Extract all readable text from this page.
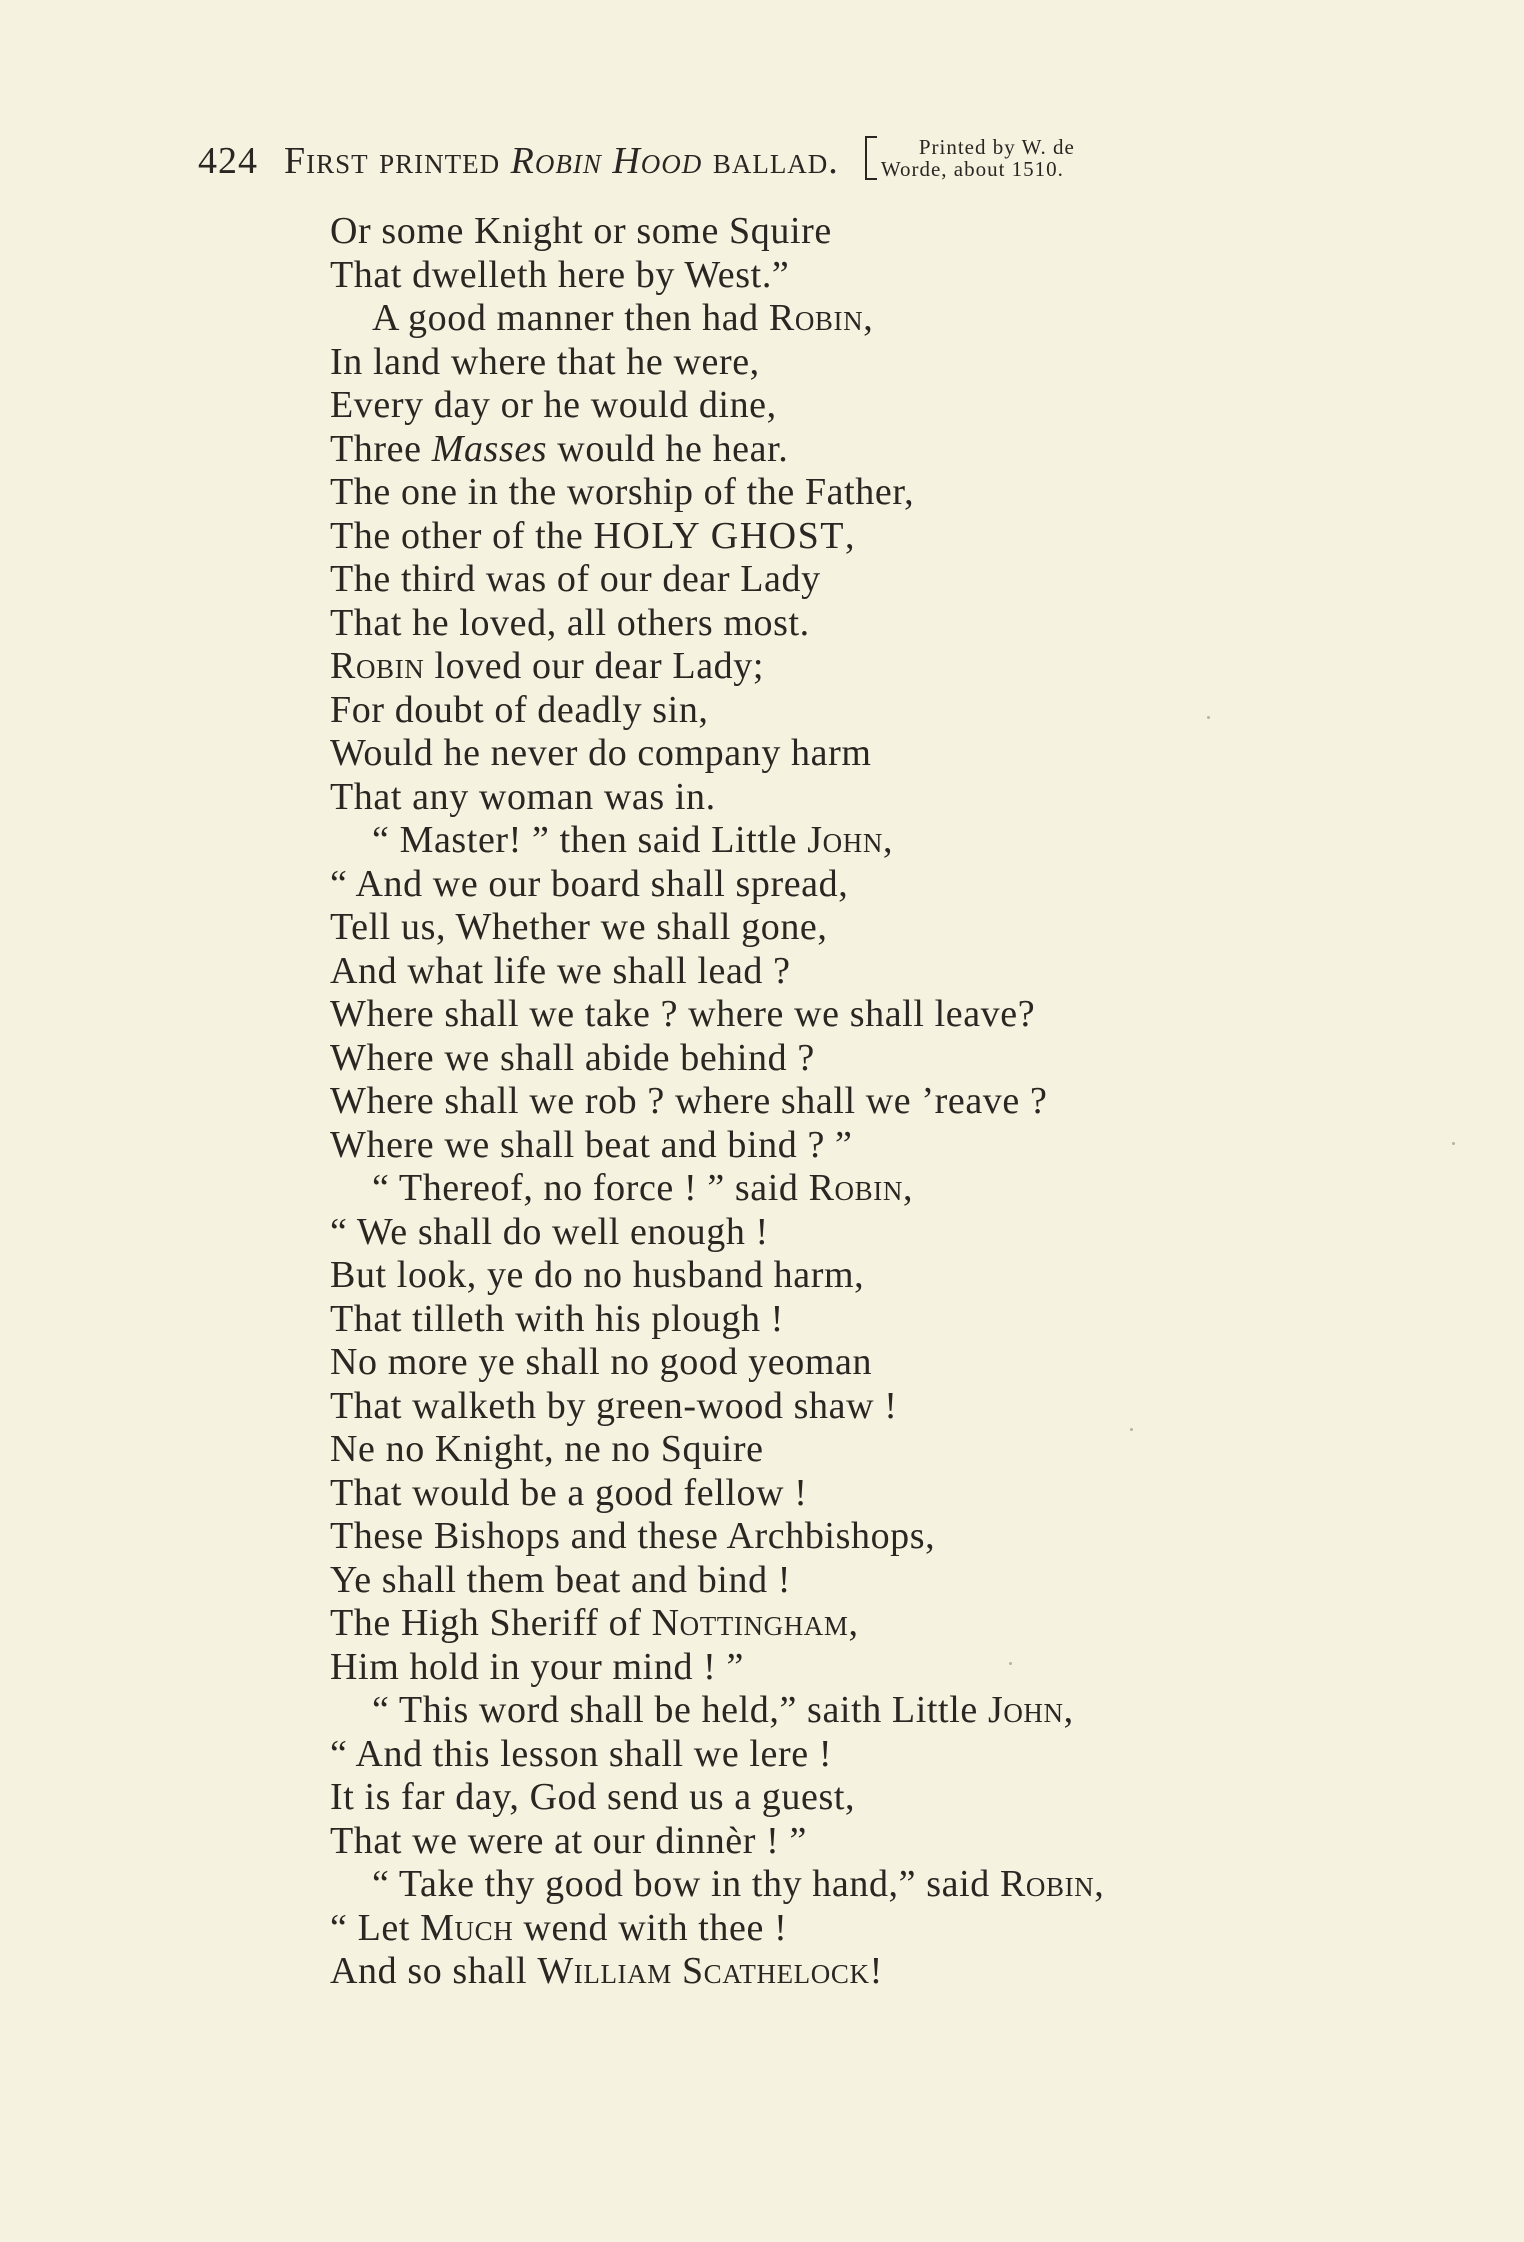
424 First printed Robin Hood ballad.	Printed by W. de
Worde, about 1510.
Or some Knight or some Squire
That dwelleth here by West.”
A good manner then had Robin,
In land where that he were,
Every day or he would dine,
Three Masses would he hear.
The one in the worship of the Father,
The other of the HOLY GHOST,
The third was of our dear Lady
That he loved, all others most.
Robin loved our dear Lady;
For doubt of deadly sin,
Would he never do company harm
That any woman was in.
“ Master! ” then said Little John,
“ And we our board shall spread,
Tell us, Whether we shall gone,
And what life we shall lead ?
Where shall we take ? where we shall leave?
Where we shall abide behind ?
Where shall we rob ? where shall we ’reave ?
Where we shall beat and bind ? ”
“ Thereof, no force ! ” said Robin,
“ We shall do well enough !
But look, ye do no husband harm,
That tilleth with his plough !
No more ye shall no good yeoman
That walketh by green-wood shaw !
Ne no Knight, ne no Squire
That would be a good fellow !
These Bishops and these Archbishops,
Ye shall them beat and bind !
The High Sheriff of Nottingham,
Him hold in your mind ! ”
“ This word shall be held,” saith Little John,
“ And this lesson shall we lere !
It is far day, God send us a guest,
That we were at our dinnèr ! ”
“ Take thy good bow in thy hand,” said Robin,
“ Let Much wend with thee !
And so shall William Scathelock!
